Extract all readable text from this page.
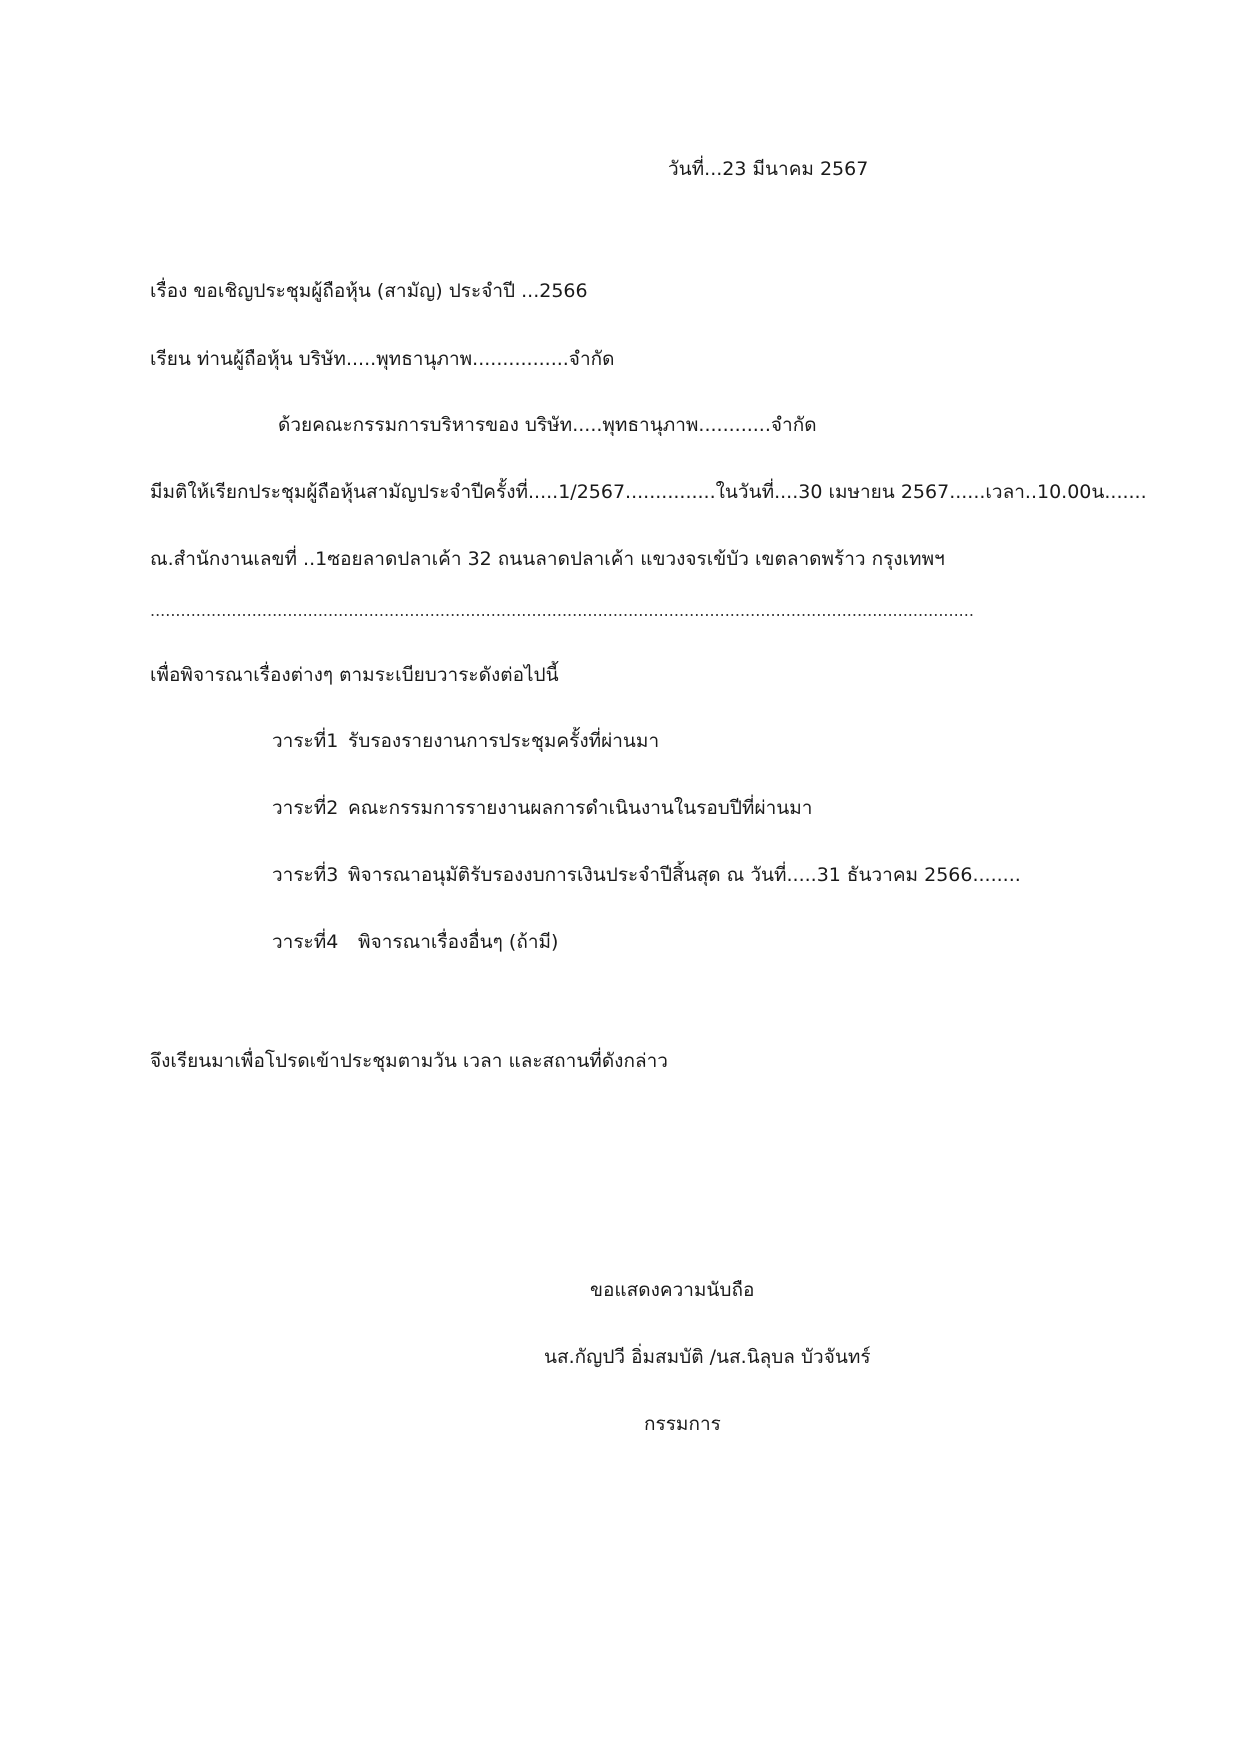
วันที่...23 มีนาคม 2567
เรื่อง ขอเชิญประชุมผู้ถือหุ้น (สามัญ) ประจำปี ...2566
เรียน ท่านผู้ถือหุ้น บริษัท.....พุทธานุภาพ................จำกัด
ด้วยคณะกรรมการบริหารของ บริษัท.....พุทธานุภาพ............จำกัด
มีมติให้เรียกประชุมผู้ถือหุ้นสามัญประจำปีครั้งที่.....1/2567...............ในวันที่....30 เมษายน 2567......เวลา..10.00น.......
ณ.สำนักงานเลขที่ ..1ซอยลาดปลาเค้า 32 ถนนลาดปลาเค้า แขวงจรเข้บัว เขตลาดพร้าว กรุงเทพฯ
..................................................................................................................................................................
เพื่อพิจารณาเรื่องต่างๆ ตามระเบียบวาระดังต่อไปนี้
วาระที่1 รับรองรายงานการประชุมครั้งที่ผ่านมา
วาระที่2 คณะกรรมการรายงานผลการดำเนินงานในรอบปีที่ผ่านมา
วาระที่3 พิจารณาอนุมัติรับรองงบการเงินประจำปีสิ้นสุด ณ วันที่.....31 ธันวาคม 2566........
วาระที่4 พิจารณาเรื่องอื่นๆ (ถ้ามี)
จึงเรียนมาเพื่อโปรดเข้าประชุมตามวัน เวลา และสถานที่ดังกล่าว
ขอแสดงความนับถือ
นส.กัญปวี อิ่มสมบัติ /นส.นิลุบล บัวจันทร์
กรรมการ
